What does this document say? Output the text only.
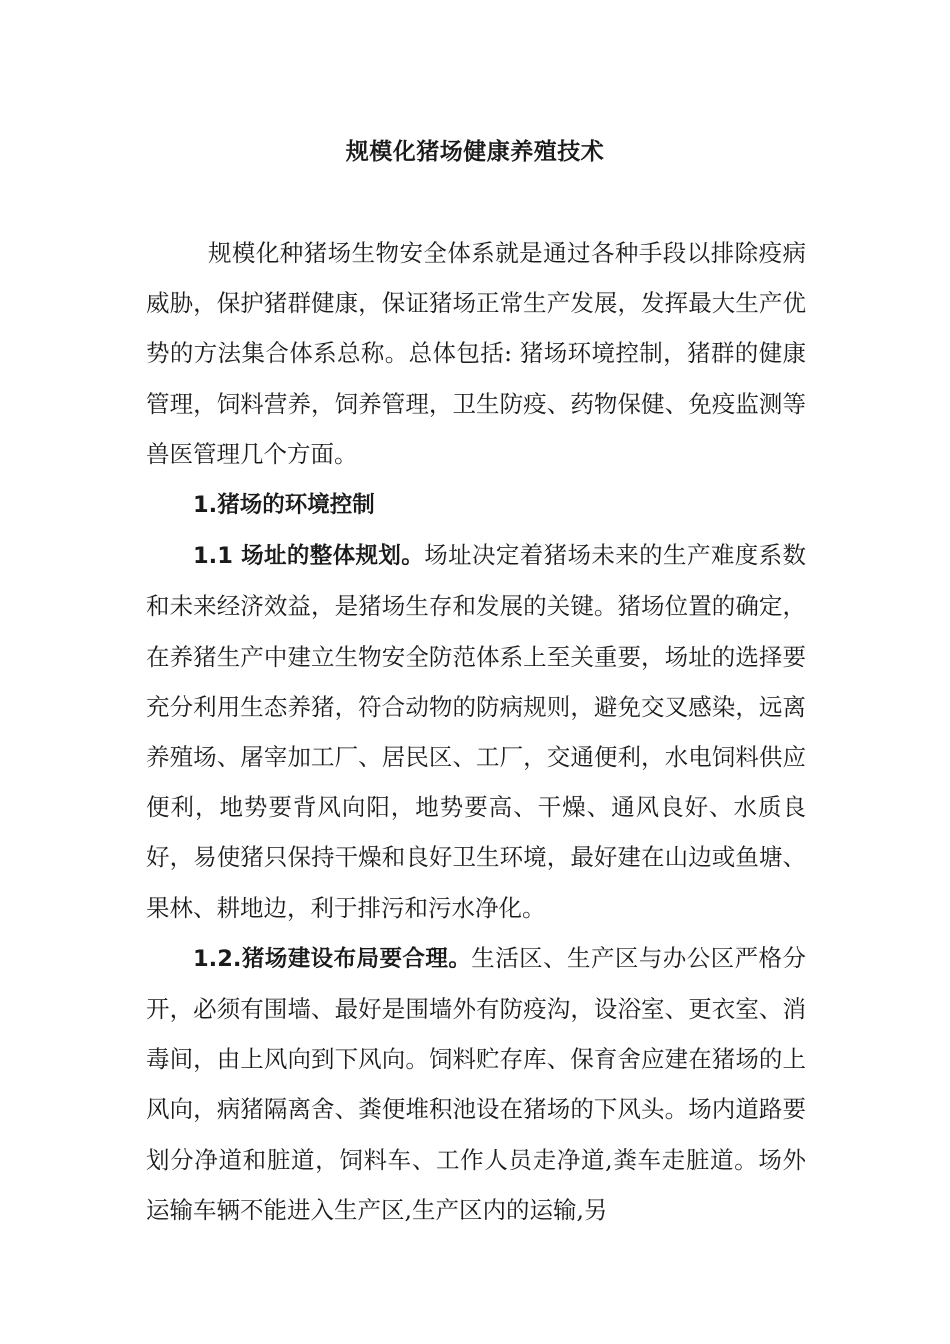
规模化猪场健康养殖技术

规模化种猪场生物安全体系就是通过各种手段以排除疫病威胁，保护猪群健康，保证猪场正常生产发展，发挥最大生产优势的方法集合体系总称。总体包括: 猪场环境控制，猪群的健康管理，饲料营养，饲养管理，卫生防疫、药物保健、免疫监测等兽医管理几个方面。

1.猪场的环境控制

1.1 场址的整体规划。场址决定着猪场未来的生产难度系数和未来经济效益，是猪场生存和发展的关键。猪场位置的确定，在养猪生产中建立生物安全防范体系上至关重要，场址的选择要充分利用生态养猪，符合动物的防病规则，避免交叉感染，远离养殖场、屠宰加工厂、居民区、工厂，交通便利，水电饲料供应便利，地势要背风向阳，地势要高、干燥、通风良好、水质良好，易使猪只保持干燥和良好卫生环境，最好建在山边或鱼塘、果林、耕地边，利于排污和污水净化。

1.2.猪场建设布局要合理。生活区、生产区与办公区严格分开，必须有围墙、最好是围墙外有防疫沟，设浴室、更衣室、消毒间，由上风向到下风向。饲料贮存库、保育舍应建在猪场的上风向，病猪隔离舍、粪便堆积池设在猪场的下风头。场内道路要划分净道和脏道，饲料车、工作人员走净道,粪车走脏道。场外运输车辆不能进入生产区,生产区内的运输,另
